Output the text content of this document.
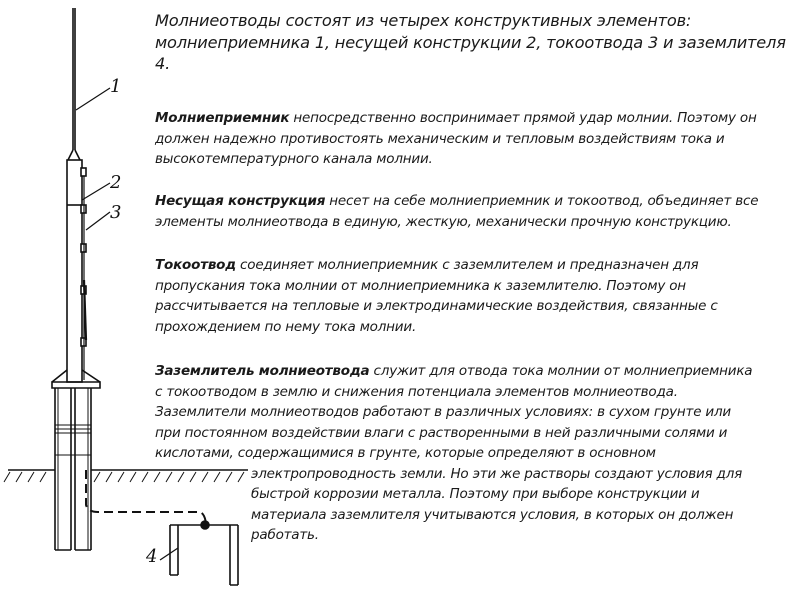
1
2
3
4
Молниеотводы состоят из четырех конструктивных элементов:
молниеприемника 1, несущей конструкции 2, токоотвода 3 и заземлителя
4.
Молниеприемник непосредственно воспринимает прямой удар молнии. Поэтому он
должен надежно противостоять механическим и тепловым воздействиям тока и
высокотемпературного канала молнии.
Несущая конструкция несет на себе молниеприемник и токоотвод, объединяет все
элементы молниеотвода в единую, жесткую, механически прочную конструкцию.
Токоотвод соединяет молниеприемник с заземлителем и предназначен для
пропускания тока молнии от молниеприемника к заземлителю. Поэтому он
рассчитывается на тепловые и электродинамические воздействия, связанные с
прохождением по нему тока молнии.
Заземлитель молниеотвода служит для отвода тока молнии от молниеприемника
с токоотводом в землю и снижения потенциала элементов молниеотвода.
Заземлители молниеотводов работают в различных условиях: в сухом грунте или
при постоянном воздействии влаги с растворенными в ней различными солями и
кислотами, содержащимися в грунте, которые определяют в основном
электропроводность земли. Но эти же растворы создают условия для
быстрой коррозии металла. Поэтому при выборе конструкции и
материала заземлителя учитываются условия, в которых он должен
работать.
